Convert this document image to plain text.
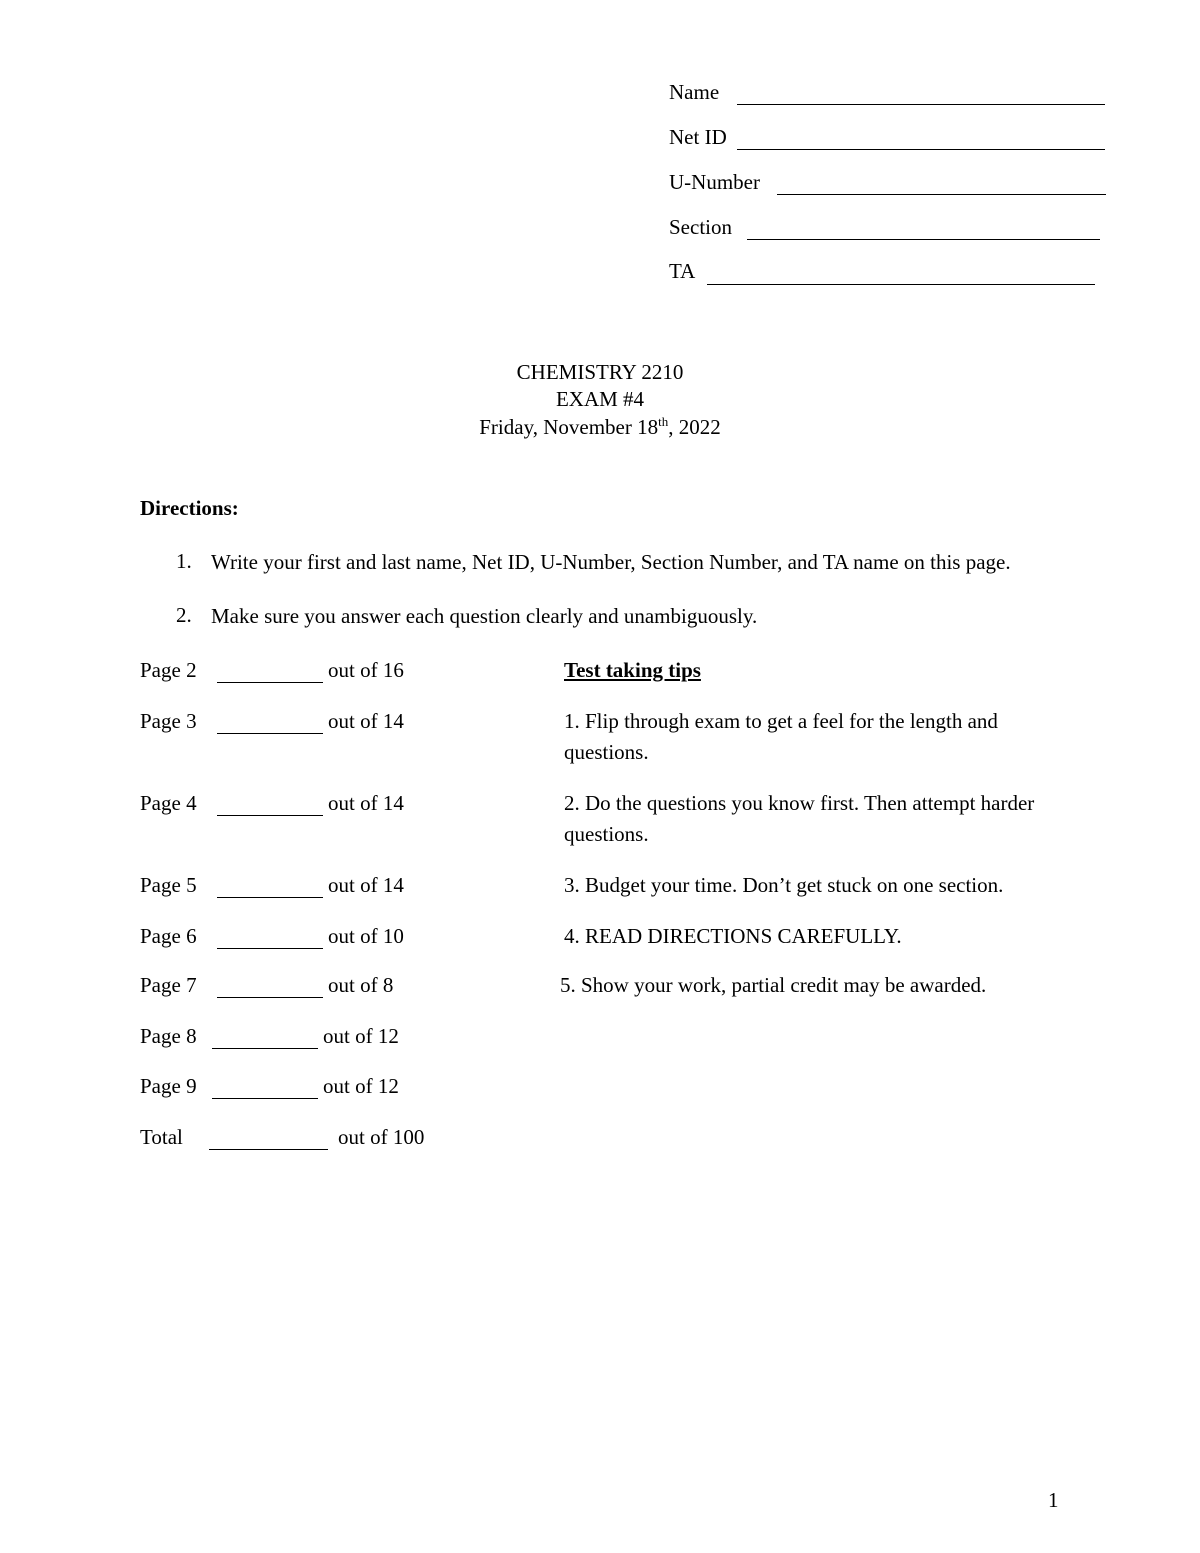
Name
Net ID
U-Number
Section
TA
CHEMISTRY 2210
EXAM #4
Friday, November 18th, 2022
Directions:
1. Write your first and last name, Net ID, U-Number, Section Number, and TA name on this page.
2. Make sure you answer each question clearly and unambiguously.
Page 2	out of 16
Page 3	out of 14
Page 4	out of 14
Page 5	out of 14
Page 6	out of 10
Page 7	out of 8
Page 8	out of 12
Page 9	out of 12
Total	out of 100
Test taking tips
1. Flip through exam to get a feel for the length and questions.
2. Do the questions you know first. Then attempt harder questions.
3. Budget your time. Don’t get stuck on one section.
4. READ DIRECTIONS CAREFULLY.
5. Show your work, partial credit may be awarded.
1
